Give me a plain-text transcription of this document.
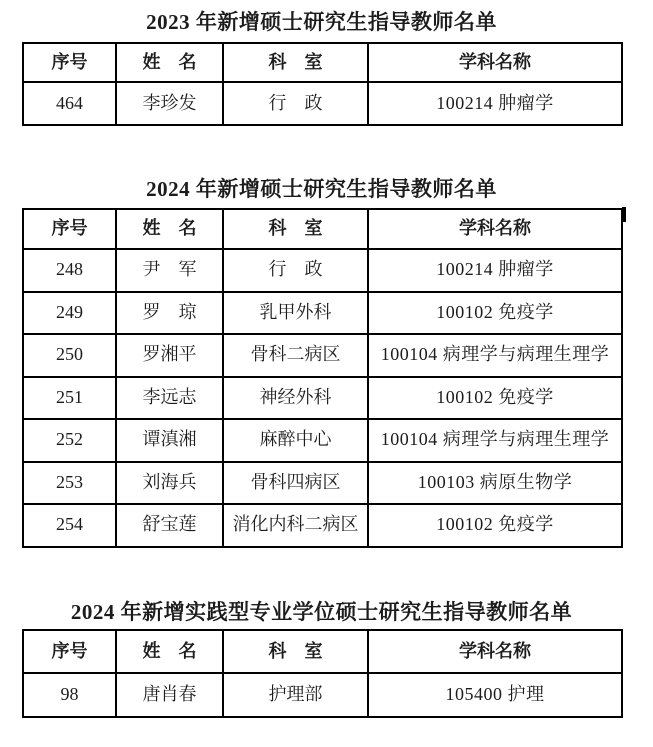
2023 年新增硕士研究生指导教师名单
序号	姓　名	科　室	学科名称
464	李珍发	行　政	100214 肿瘤学
2024 年新增硕士研究生指导教师名单
序号	姓　名	科　室	学科名称
248	尹　军	行　政	100214 肿瘤学
249	罗　琼	乳甲外科	100102 免疫学
250	罗湘平	骨科二病区	100104 病理学与病理生理学
251	李远志	神经外科	100102 免疫学
252	谭滇湘	麻醉中心	100104 病理学与病理生理学
253	刘海兵	骨科四病区	100103 病原生物学
254	舒宝莲	消化内科二病区	100102 免疫学
2024 年新增实践型专业学位硕士研究生指导教师名单
序号	姓　名	科　室	学科名称
98	唐肖春	护理部	105400 护理
